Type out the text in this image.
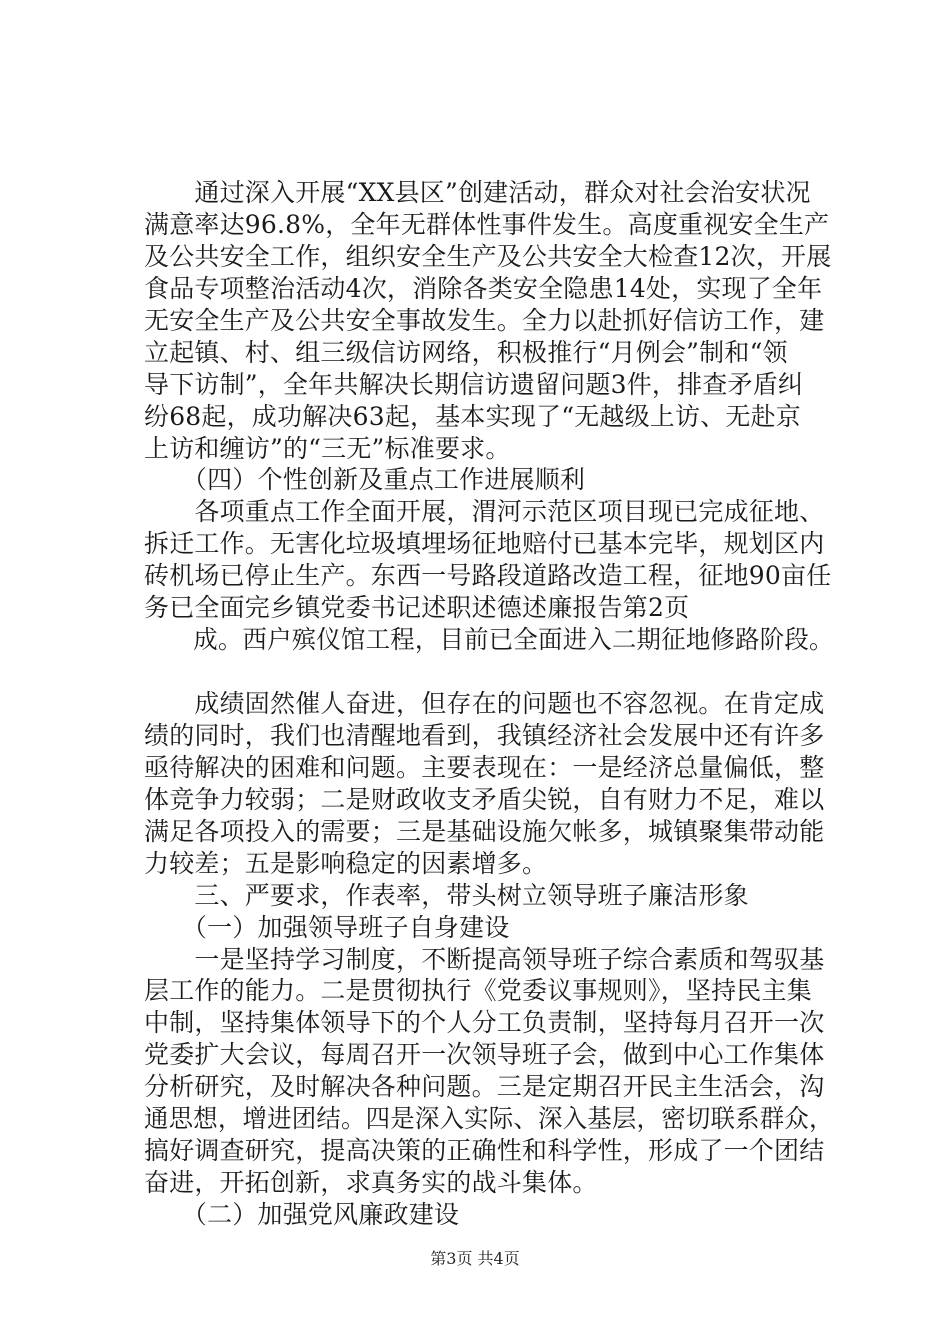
　　通过深入开展“XX县区”创建活动，群众对社会治安状况
满意率达96.8%，全年无群体性事件发生。高度重视安全生产
及公共安全工作，组织安全生产及公共安全大检查12次，开展
食品专项整治活动4次，消除各类安全隐患14处，实现了全年
无安全生产及公共安全事故发生。全力以赴抓好信访工作，建
立起镇、村、组三级信访网络，积极推行“月例会”制和“领
导下访制”，全年共解决长期信访遗留问题3件，排查矛盾纠
纷68起，成功解决63起，基本实现了“无越级上访、无赴京
上访和缠访”的“三无”标准要求。
　　（四）个性创新及重点工作进展顺利
　　各项重点工作全面开展，渭河示范区项目现已完成征地、
拆迁工作。无害化垃圾填埋场征地赔付已基本完毕，规划区内
砖机场已停止生产。东西一号路段道路改造工程，征地90亩任
务已全面完乡镇党委书记述职述德述廉报告第2页
　　成。西户殡仪馆工程，目前已全面进入二期征地修路阶段。
　　成绩固然催人奋进，但存在的问题也不容忽视。在肯定成
绩的同时，我们也清醒地看到，我镇经济社会发展中还有许多
亟待解决的困难和问题。主要表现在：一是经济总量偏低，整
体竞争力较弱；二是财政收支矛盾尖锐，自有财力不足，难以
满足各项投入的需要；三是基础设施欠帐多，城镇聚集带动能
力较差；五是影响稳定的因素增多。
　　三、严要求，作表率，带头树立领导班子廉洁形象
　　（一）加强领导班子自身建设
　　一是坚持学习制度，不断提高领导班子综合素质和驾驭基
层工作的能力。二是贯彻执行《党委议事规则》，坚持民主集
中制，坚持集体领导下的个人分工负责制，坚持每月召开一次
党委扩大会议，每周召开一次领导班子会，做到中心工作集体
分析研究，及时解决各种问题。三是定期召开民主生活会，沟
通思想，增进团结。四是深入实际、深入基层，密切联系群众，
搞好调查研究，提高决策的正确性和科学性，形成了一个团结
奋进，开拓创新，求真务实的战斗集体。
　　（二）加强党风廉政建设
第3页 共4页
